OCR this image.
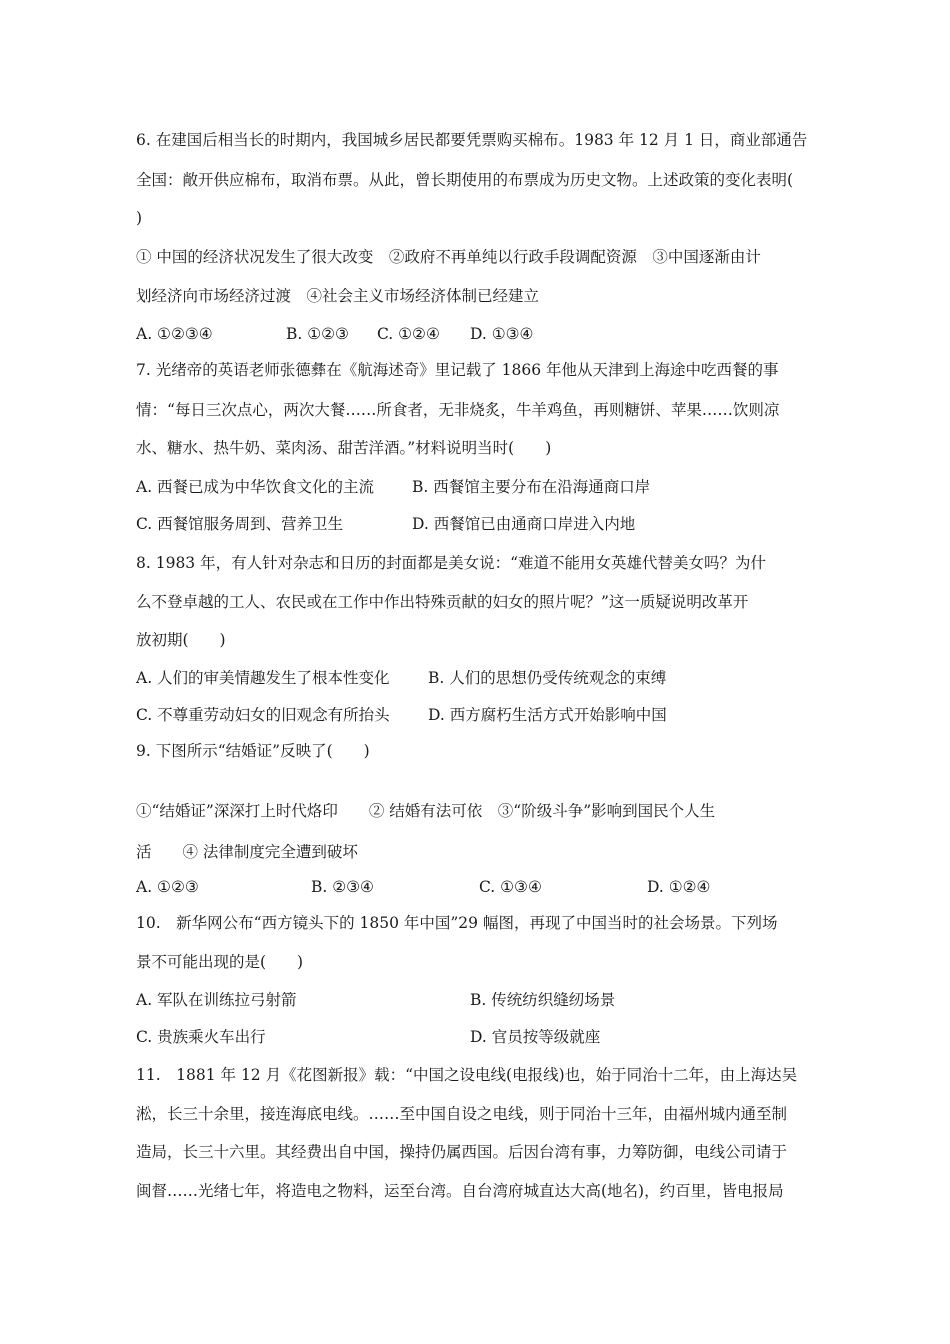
6. 在建国后相当长的时期内，我国城乡居民都要凭票购买棉布。1983 年 12 月 1 日，商业部通告
全国：敞开供应棉布，取消布票。从此，曾长期使用的布票成为历史文物。上述政策的变化表明(
)
① 中国的经济状况发生了很大改变　②政府不再单纯以行政手段调配资源　③中国逐渐由计
划经济向市场经济过渡　④社会主义市场经济体制已经建立
A. ①②③④	B. ①②③ C. ①②④ D. ①③④
7. 光绪帝的英语老师张德彝在《航海述奇》里记载了 1866 年他从天津到上海途中吃西餐的事
情：“每日三次点心，两次大餐……所食者，无非烧炙，牛羊鸡鱼，再则糖饼、苹果……饮则凉
水、糖水、热牛奶、菜肉汤、甜苦洋酒。”材料说明当时(　　)
A. 西餐已成为中华饮食文化的主流 B. 西餐馆主要分布在沿海通商口岸
C. 西餐馆服务周到、营养卫生	D. 西餐馆已由通商口岸进入内地
8. 1983 年，有人针对杂志和日历的封面都是美女说：“难道不能用女英雄代替美女吗？为什
么不登卓越的工人、农民或在工作中作出特殊贡献的妇女的照片呢？”这一质疑说明改革开
放初期(　　)
A. 人们的审美情趣发生了根本性变化 B. 人们的思想仍受传统观念的束缚
C. 不尊重劳动妇女的旧观念有所抬头 D. 西方腐朽生活方式开始影响中国
9. 下图所示“结婚证”反映了(　　)
①“结婚证”深深打上时代烙印　　② 结婚有法可依　③“阶级斗争”影响到国民个人生
活　　④ 法律制度完全遭到破坏
A. ①②③	B. ②③④	C. ①③④	D. ①②④
10.　新华网公布“西方镜头下的 1850 年中国”29 幅图，再现了中国当时的社会场景。下列场
景不可能出现的是(　　)
A. 军队在训练拉弓射箭	B. 传统纺织缝纫场景
C. 贵族乘火车出行	D. 官员按等级就座
11.　1881 年 12 月《花图新报》载：“中国之设电线(电报线)也，始于同治十二年，由上海达吴
淞，长三十余里，接连海底电线。……至中国自设之电线，则于同治十三年，由福州城内通至制
造局，长三十六里。其经费出自中国，操持仍属西国。后因台湾有事，力筹防御，电线公司请于
闽督……光绪七年，将造电之物料，运至台湾。自台湾府城直达大高(地名)，约百里，皆电报局
